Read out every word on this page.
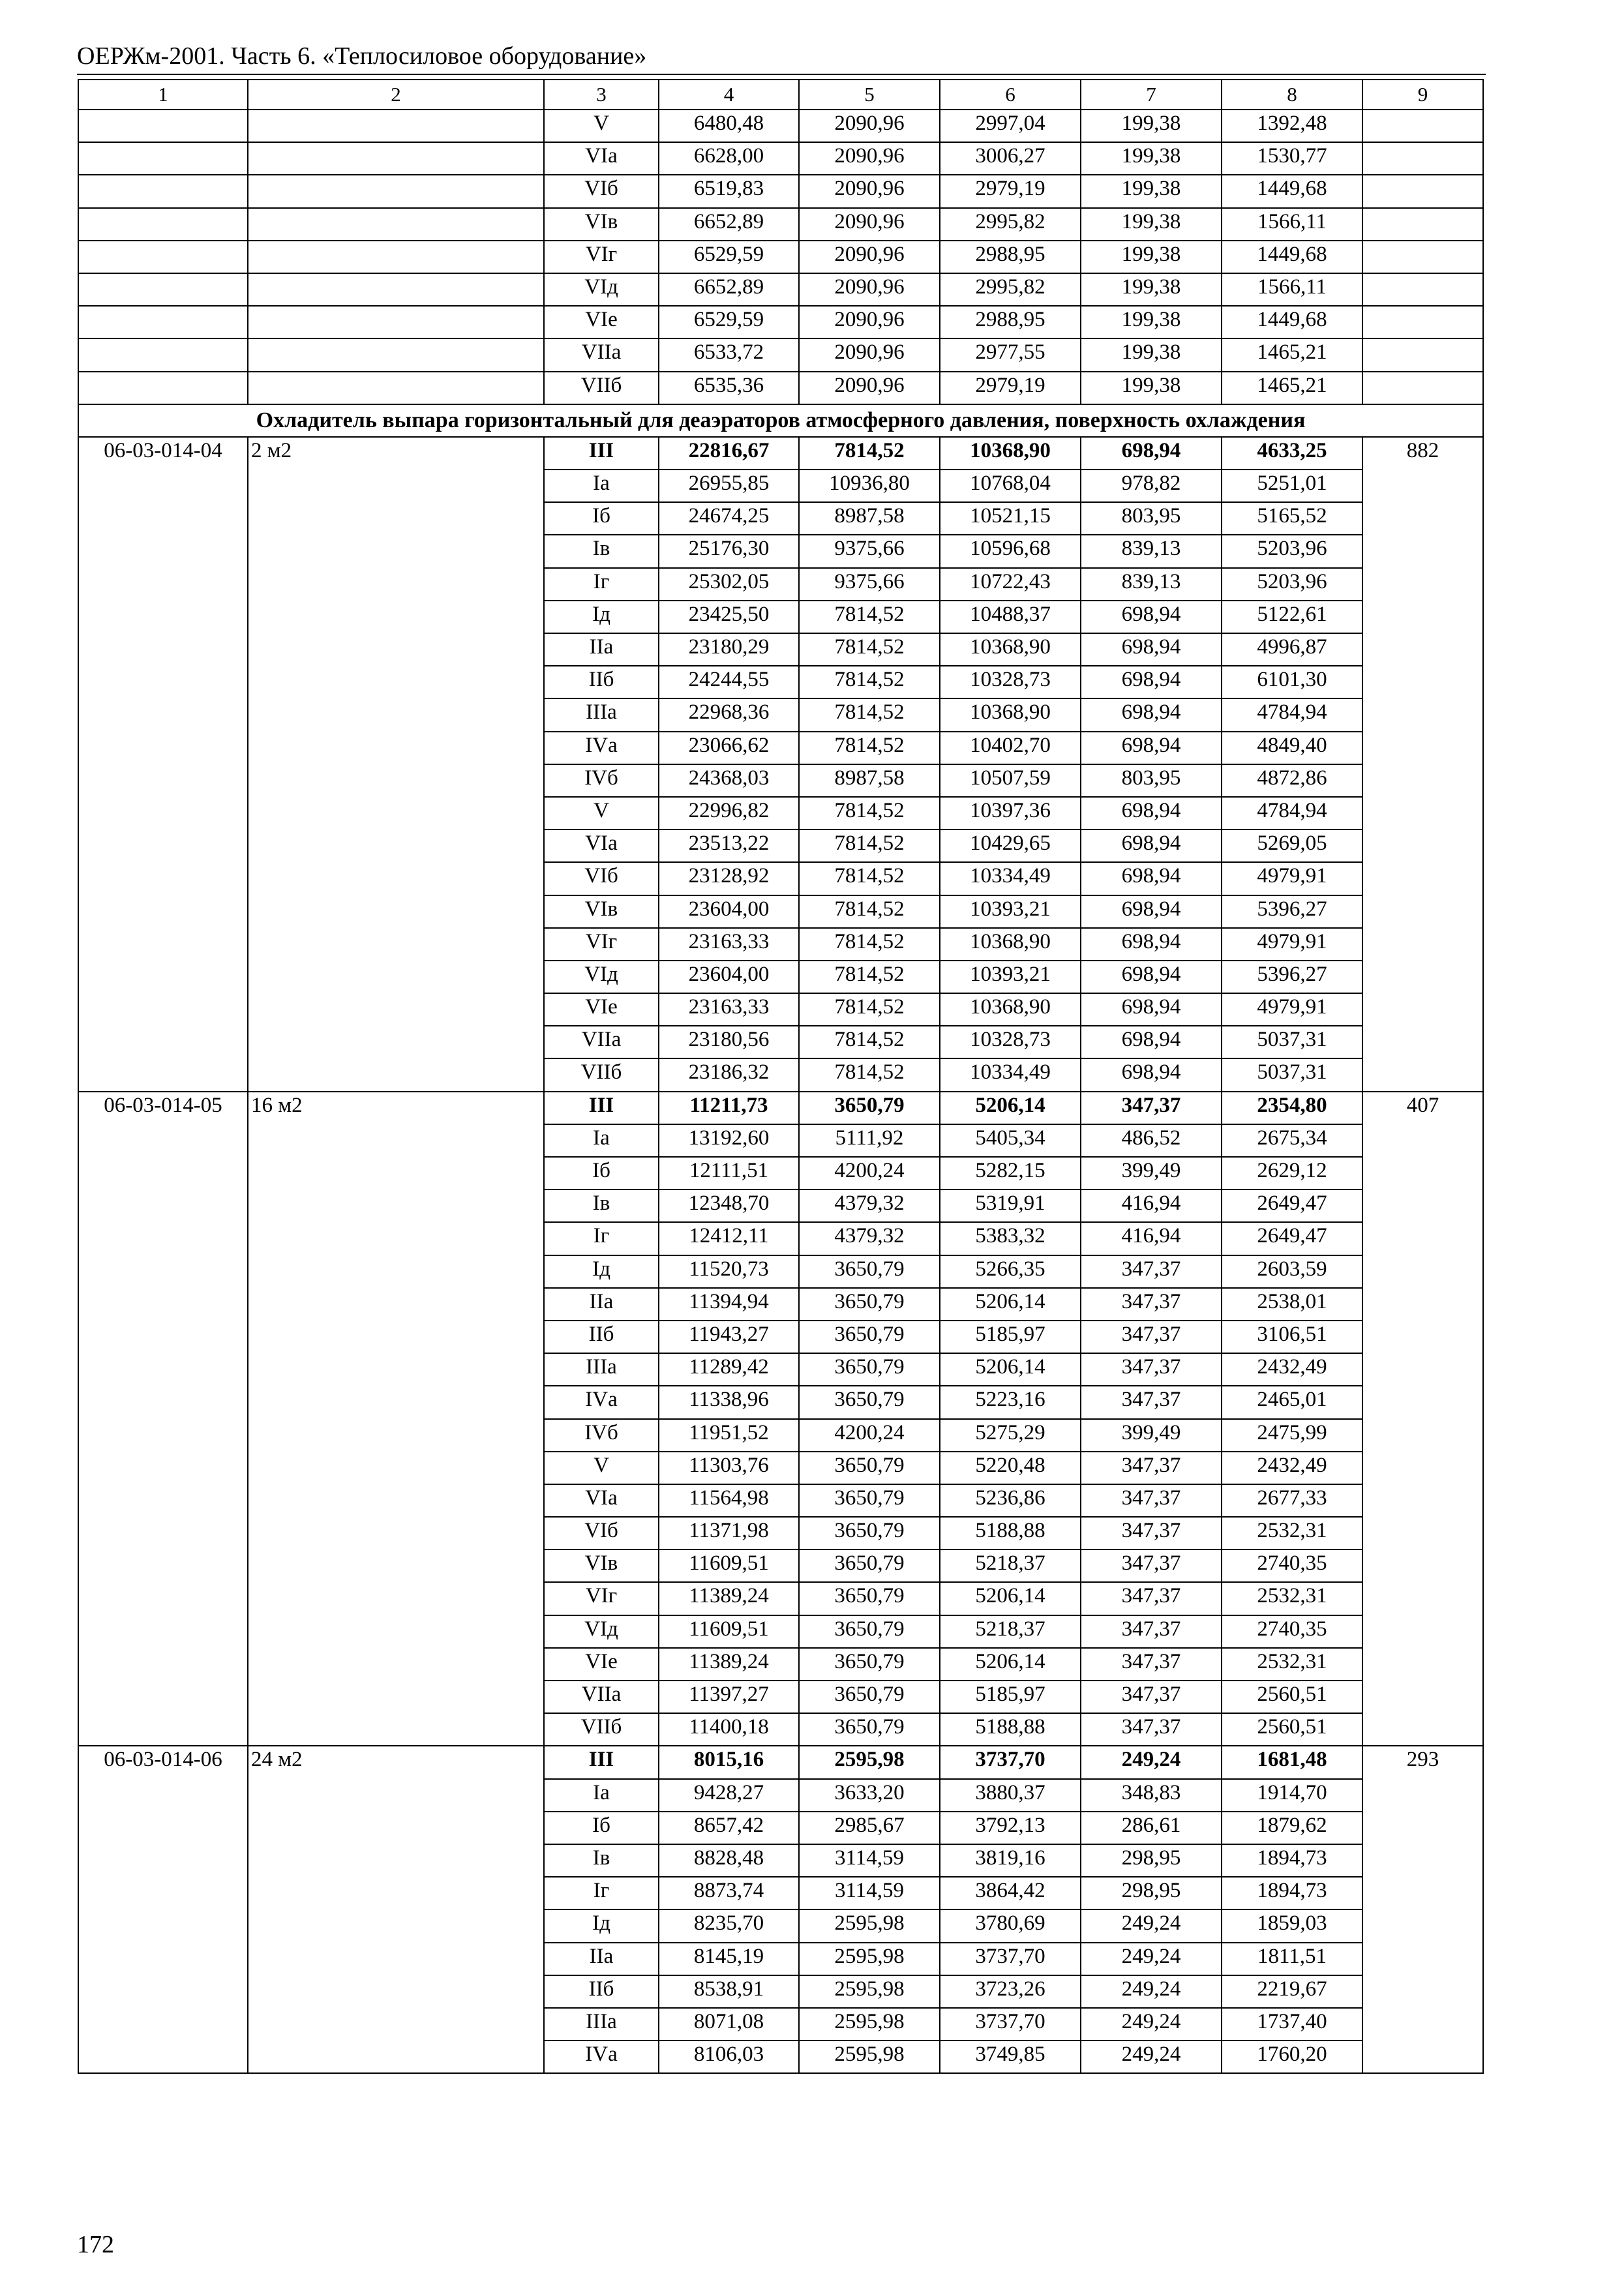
ОЕРЖм-2001. Часть 6. «Теплосиловое оборудование»
1	2	3	4	5	6	7	8	9
		V	6480,48	2090,96	2997,04	199,38	1392,48	
		VIа	6628,00	2090,96	3006,27	199,38	1530,77	
		VIб	6519,83	2090,96	2979,19	199,38	1449,68	
		VIв	6652,89	2090,96	2995,82	199,38	1566,11	
		VIг	6529,59	2090,96	2988,95	199,38	1449,68	
		VIд	6652,89	2090,96	2995,82	199,38	1566,11	
		VIе	6529,59	2090,96	2988,95	199,38	1449,68	
		VIIа	6533,72	2090,96	2977,55	199,38	1465,21	
		VIIб	6535,36	2090,96	2979,19	199,38	1465,21	
Охладитель выпара горизонтальный для деаэраторов атмосферного давления, поверхность охлаждения								
06-03-014-04	2 м2	III	22816,67	7814,52	10368,90	698,94	4633,25	882
		Iа	26955,85	10936,80	10768,04	978,82	5251,01	
		Iб	24674,25	8987,58	10521,15	803,95	5165,52	
		Iв	25176,30	9375,66	10596,68	839,13	5203,96	
		Iг	25302,05	9375,66	10722,43	839,13	5203,96	
		Iд	23425,50	7814,52	10488,37	698,94	5122,61	
		IIа	23180,29	7814,52	10368,90	698,94	4996,87	
		IIб	24244,55	7814,52	10328,73	698,94	6101,30	
		IIIа	22968,36	7814,52	10368,90	698,94	4784,94	
		IVа	23066,62	7814,52	10402,70	698,94	4849,40	
		IVб	24368,03	8987,58	10507,59	803,95	4872,86	
		V	22996,82	7814,52	10397,36	698,94	4784,94	
		VIа	23513,22	7814,52	10429,65	698,94	5269,05	
		VIб	23128,92	7814,52	10334,49	698,94	4979,91	
		VIв	23604,00	7814,52	10393,21	698,94	5396,27	
		VIг	23163,33	7814,52	10368,90	698,94	4979,91	
		VIд	23604,00	7814,52	10393,21	698,94	5396,27	
		VIе	23163,33	7814,52	10368,90	698,94	4979,91	
		VIIа	23180,56	7814,52	10328,73	698,94	5037,31	
		VIIб	23186,32	7814,52	10334,49	698,94	5037,31	
06-03-014-05	16 м2	III	11211,73	3650,79	5206,14	347,37	2354,80	407
		Iа	13192,60	5111,92	5405,34	486,52	2675,34	
		Iб	12111,51	4200,24	5282,15	399,49	2629,12	
		Iв	12348,70	4379,32	5319,91	416,94	2649,47	
		Iг	12412,11	4379,32	5383,32	416,94	2649,47	
		Iд	11520,73	3650,79	5266,35	347,37	2603,59	
		IIа	11394,94	3650,79	5206,14	347,37	2538,01	
		IIб	11943,27	3650,79	5185,97	347,37	3106,51	
		IIIа	11289,42	3650,79	5206,14	347,37	2432,49	
		IVа	11338,96	3650,79	5223,16	347,37	2465,01	
		IVб	11951,52	4200,24	5275,29	399,49	2475,99	
		V	11303,76	3650,79	5220,48	347,37	2432,49	
		VIа	11564,98	3650,79	5236,86	347,37	2677,33	
		VIб	11371,98	3650,79	5188,88	347,37	2532,31	
		VIв	11609,51	3650,79	5218,37	347,37	2740,35	
		VIг	11389,24	3650,79	5206,14	347,37	2532,31	
		VIд	11609,51	3650,79	5218,37	347,37	2740,35	
		VIе	11389,24	3650,79	5206,14	347,37	2532,31	
		VIIа	11397,27	3650,79	5185,97	347,37	2560,51	
		VIIб	11400,18	3650,79	5188,88	347,37	2560,51	
06-03-014-06	24 м2	III	8015,16	2595,98	3737,70	249,24	1681,48	293
		Iа	9428,27	3633,20	3880,37	348,83	1914,70	
		Iб	8657,42	2985,67	3792,13	286,61	1879,62	
		Iв	8828,48	3114,59	3819,16	298,95	1894,73	
		Iг	8873,74	3114,59	3864,42	298,95	1894,73	
		Iд	8235,70	2595,98	3780,69	249,24	1859,03	
		IIа	8145,19	2595,98	3737,70	249,24	1811,51	
		IIб	8538,91	2595,98	3723,26	249,24	2219,67	
		IIIа	8071,08	2595,98	3737,70	249,24	1737,40	
		IVа	8106,03	2595,98	3749,85	249,24	1760,20	
172
